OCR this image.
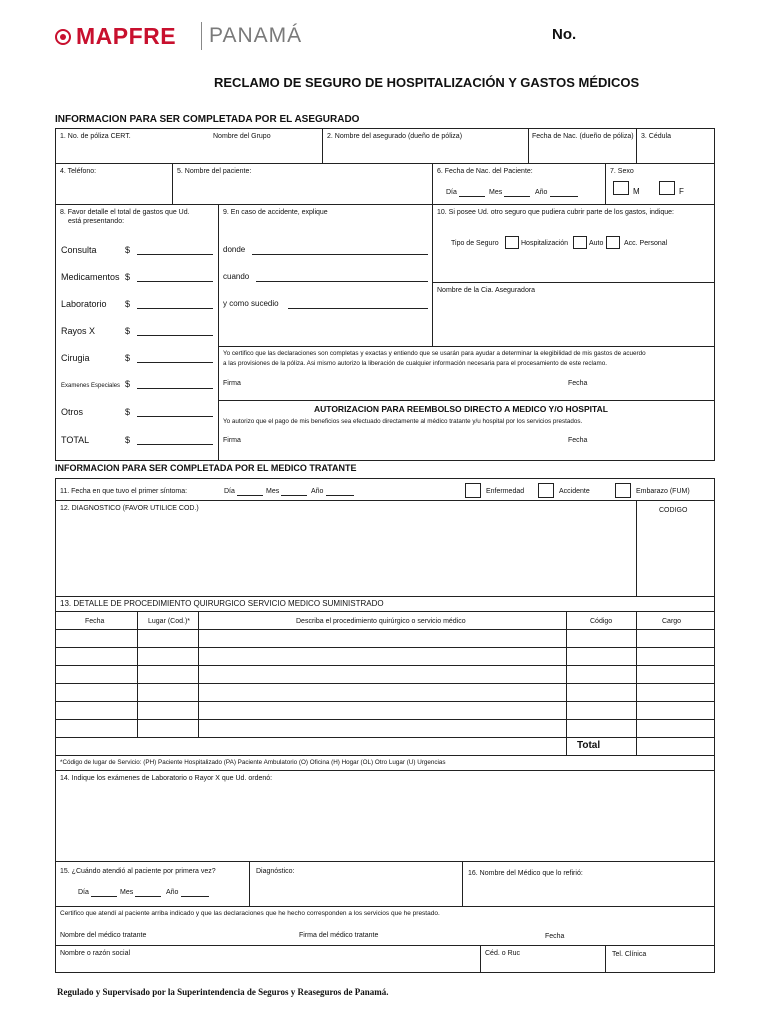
MAPFRE PANAMÁ	No.
RECLAMO DE SEGURO DE HOSPITALIZACIÓN Y GASTOS MÉDICOS
INFORMACION PARA SER COMPLETADA POR EL ASEGURADO
1. No. de póliza CERT.	Nombre del Grupo	2. Nombre del asegurado (dueño de póliza)	Fecha de Nac. (dueño de póliza) 3. Cédula
4. Teléfono:	5. Nombre del paciente:	6. Fecha de Nac. del Paciente:
Día	Mes	Año
7. Sexo
M	F
8. Favor detalle el total de gastos que Ud.
está presentando:
Consulta	$
Medicamentos $
Laboratorio $
Rayos X	$
Cirugia	$
Examenes Especiales $
Otros	$
TOTAL	$
9. En caso de accidente, explique
donde
cuando
y como sucedio
10. Si posee Ud. otro seguro que pudiera cubrir parte de los gastos, indique:
Tipo de Seguro	Hospitalización	Auto	Acc. Personal
Nombre de la Cia. Aseguradora
Yo certifico que las declaraciones son completas y exactas y entiendo que se usarán para ayudar a determinar la elegibilidad de mis gastos de acuerdo
a las provisiones de la póliza. Asi mismo autorizo la liberación de cualquier información necesaria para el procesamiento de este reclamo.
Firma	Fecha
AUTORIZACION PARA REEMBOLSO DIRECTO A MEDICO Y/O HOSPITAL
Yo autorizo que el pago de mis beneficios sea efectuado directamente al médico tratante y/u hospital por los servicios prestados.
Firma	Fecha
INFORMACION PARA SER COMPLETADA POR EL MEDICO TRATANTE
11. Fecha en que tuvo el primer síntoma:	Día	Mes	Año	Enfermedad	Accidente	Embarazo (FUM)
12. DIAGNOSTICO (FAVOR UTILICE COD.)	CODIGO
13. DETALLE DE PROCEDIMIENTO QUIRURGICO SERVICIO MEDICO SUMINISTRADO
Fecha	Lugar (Cod.)*	Describa el procedimiento quirúrgico o servicio médico	Código	Cargo
Total
*Código de lugar de Servicio: (PH) Paciente Hospitalizado (PA) Paciente Ambulatorio (O) Oficina (H) Hogar (OL) Otro Lugar (U) Urgencias
14. Indique los exámenes de Laboratorio o Rayor X que Ud. ordenó:
15. ¿Cuándo atendió al paciente por primera vez?
Día	Mes	Año
Diagnóstico:	16. Nombre del Médico que lo refirió:
Certifico que atendí al paciente arriba indicado y que las declaraciones que he hecho corresponden a los servicios que he prestado.
Nombre del médico tratante	Firma del médico tratante	Fecha
Nombre o razón social	Céd. o Ruc	Tel. Clínica
Regulado y Supervisado por la Superintendencia de Seguros y Reaseguros de Panamá.
